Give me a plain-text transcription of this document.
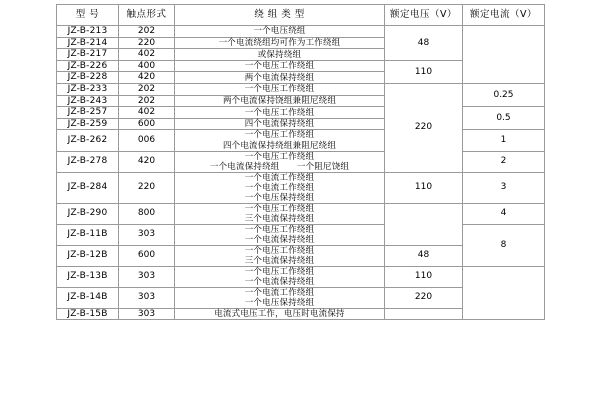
型 号	触点形式	绕 组 类 型	额定电压（V）	额定电流（V）
JZ-B-213	202	一个电压绕组	48	
JZ-B-214	220	一个电流绕组均可作为工作绕组		

JZ-B-217	402	或保持绕组		

JZ-B-226	400	一个电压工作绕组	110	
JZ-B-228	420	两个电流保持绕组		

JZ-B-233	202	一个电压工作绕组	220	0.25
JZ-B-243	202	两个电流保持饶组兼阻尼绕组		

JZ-B-257	402	一个电压工作绕组		0.5
JZ-B-259	600	四个电流保持绕组		

JZ-B-262	006	一个电压工作绕组
四个电流保持绕组兼阻尼绕组		1
JZ-B-278	420	一个电压工作绕组
一个电流保持绕组      一个阻尼饶组		2
JZ-B-284	220	一个电流工作绕组
一个电流工作绕组
一个电压保持绕组	110	3
JZ-B-290	800	一个电压工作绕组
三个电流保持绕组		4
JZ-B-11B	303	一个电压工作绕组
一个电流保持绕组		8
JZ-B-12B	600	一个电压工作绕组
三个电流保持绕组	48	
JZ-B-13B	303	一个电压工作绕组
一个电流保持绕组	110	
JZ-B-14B	303	一个电流工作绕组
一个电压保持绕组	220	
JZ-B-15B	303	电流式电压工作，电压时电流保持		
